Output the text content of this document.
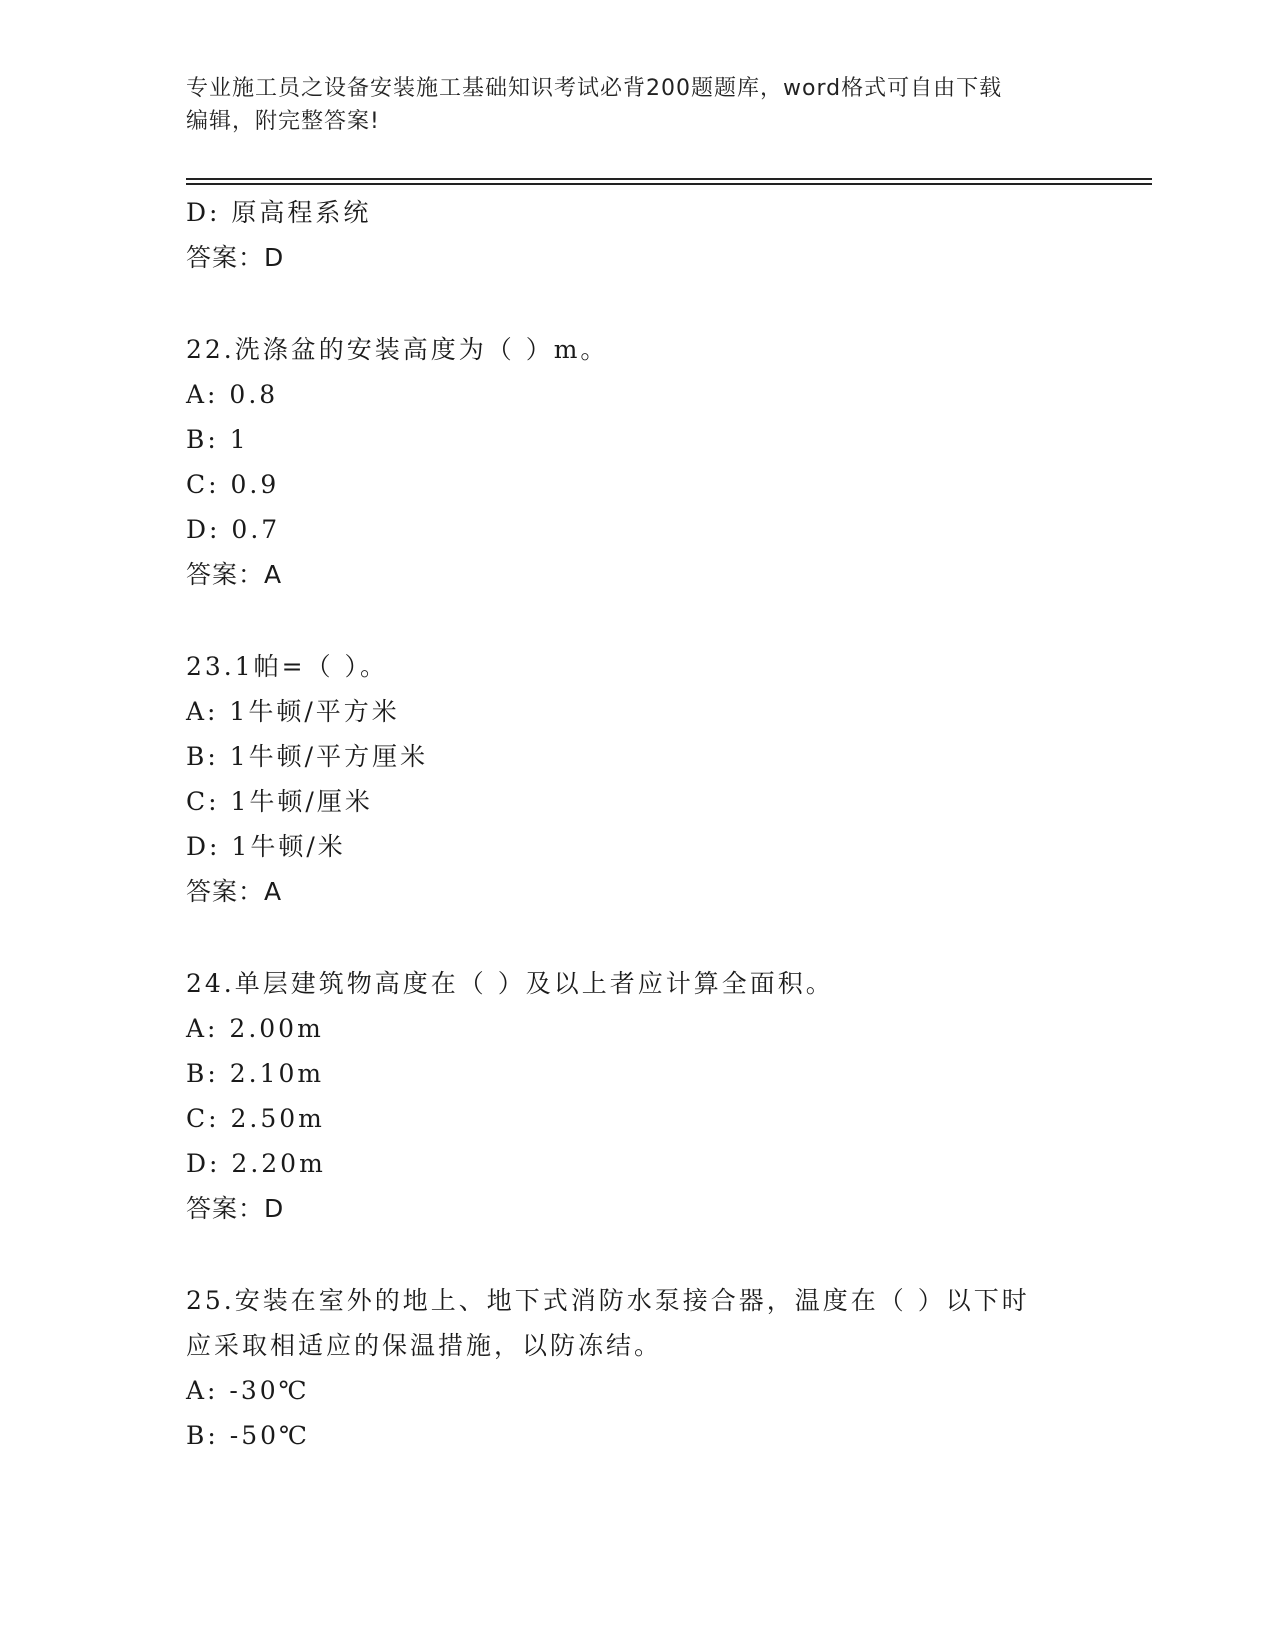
专业施工员之设备安装施工基础知识考试必背200题题库，word格式可自由下载
编辑，附完整答案!
D: 原高程系统
答案：D
22.洗涤盆的安装高度为（ ）m。
A: 0.8
B: 1
C: 0.9
D: 0.7
答案：A
23.1帕=（ ）。
A: 1牛顿/平方米
B: 1牛顿/平方厘米
C: 1牛顿/厘米
D: 1牛顿/米
答案：A
24.单层建筑物高度在（ ）及以上者应计算全面积。
A: 2.00m
B: 2.10m
C: 2.50m
D: 2.20m
答案：D
25.安装在室外的地上、地下式消防水泵接合器，温度在（ ）以下时
应采取相适应的保温措施，以防冻结。
A: -30℃
B: -50℃
